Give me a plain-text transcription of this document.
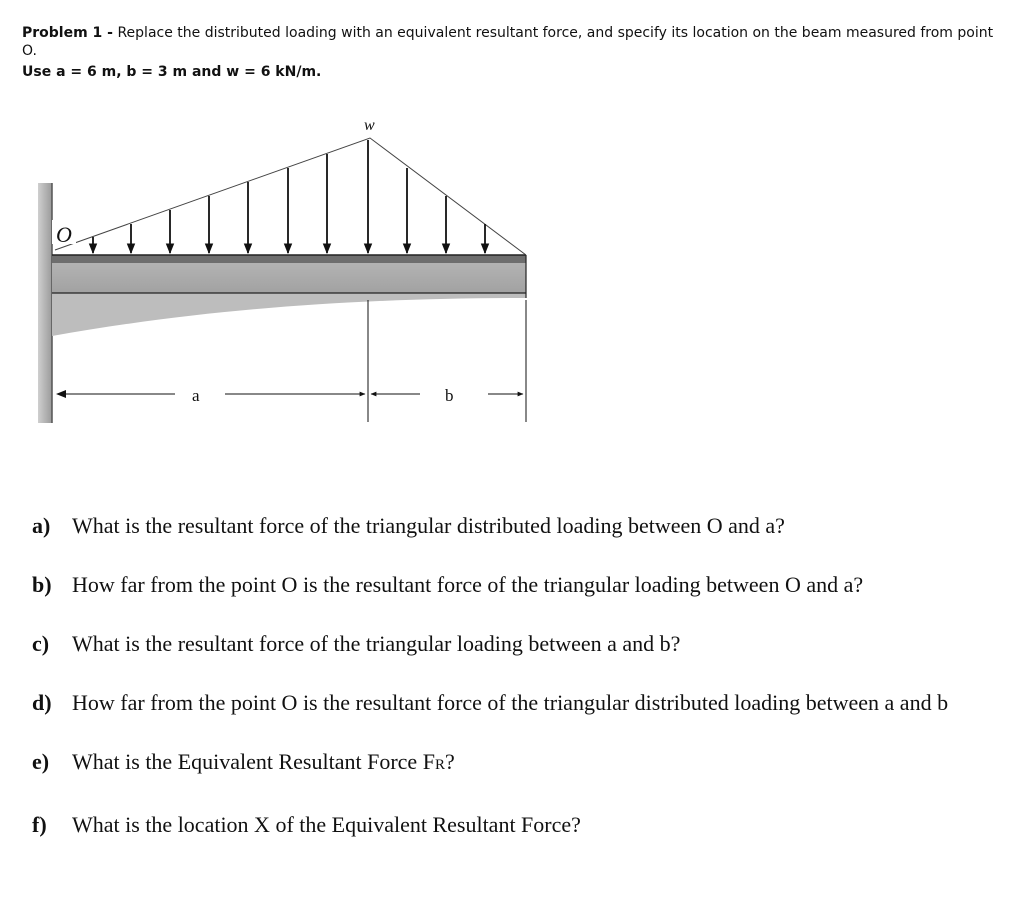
Problem 1 - Replace the distributed loading with an equivalent resultant force, and specify its location on the beam measured from point O.
Use a = 6 m, b = 3 m and w = 6 kN/m.
w
O
a	b
a) What is the resultant force of the triangular distributed loading between O and a?
b) How far from the point O is the resultant force of the triangular loading between O and a?
c)	What is the resultant force of the triangular loading between a and b?
d) How far from the point O is the resultant force of the triangular distributed loading between a and b
e)	What is the Equivalent Resultant Force FR?
f)	What is the location X of the Equivalent Resultant Force?
